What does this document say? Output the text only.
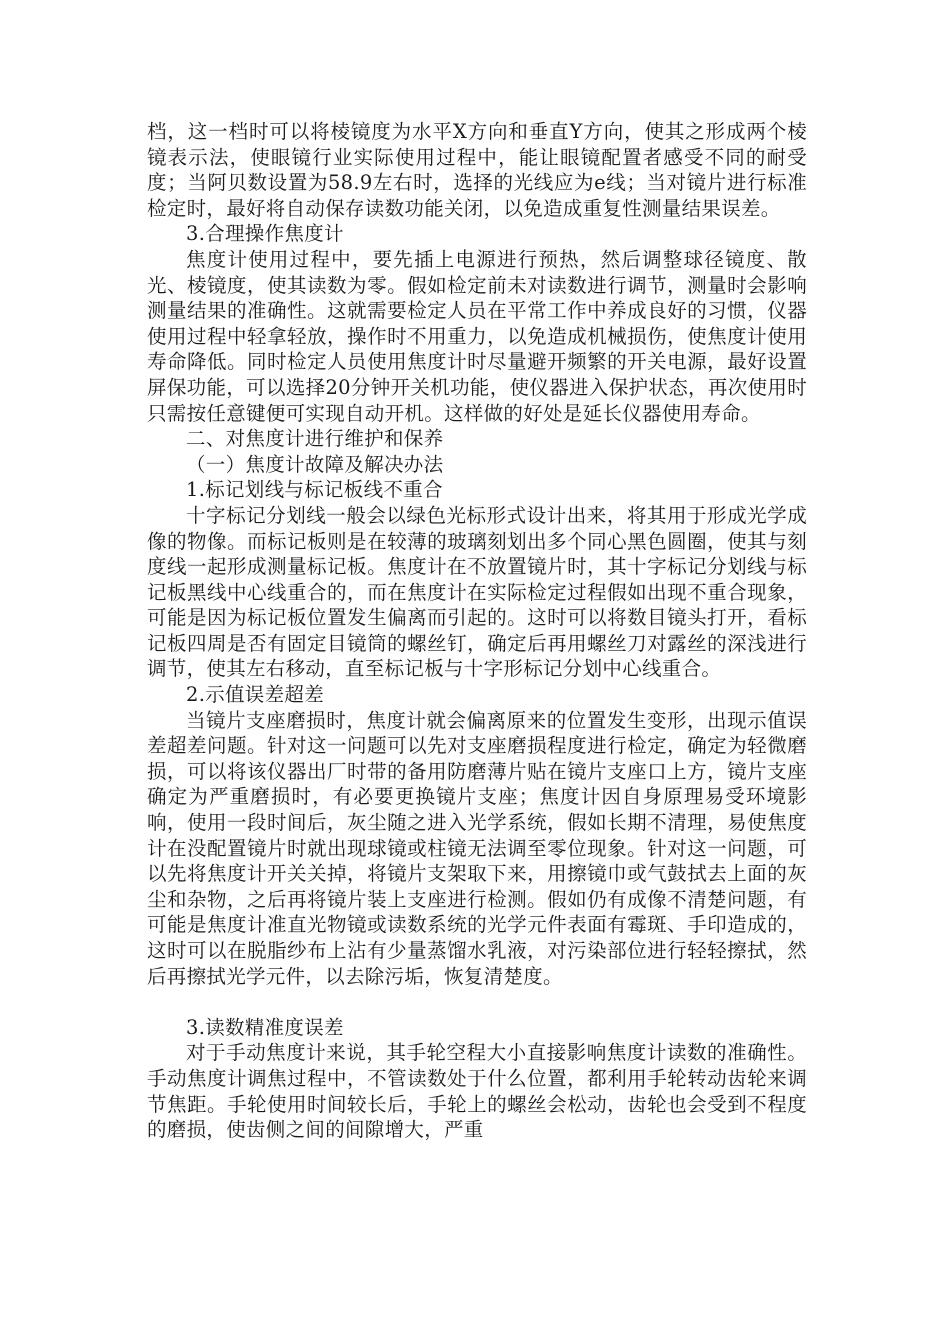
档，这一档时可以将棱镜度为水平X方向和垂直Y方向，使其之形成两个棱镜表示法，使眼镜行业实际使用过程中，能让眼镜配置者感受不同的耐受度；当阿贝数设置为58.9左右时，选择的光线应为e线；当对镜片进行标准检定时，最好将自动保存读数功能关闭，以免造成重复性测量结果误差。

3.合理操作焦度计

焦度计使用过程中，要先插上电源进行预热，然后调整球径镜度、散光、棱镜度，使其读数为零。假如检定前未对读数进行调节，测量时会影响测量结果的准确性。这就需要检定人员在平常工作中养成良好的习惯，仪器使用过程中轻拿轻放，操作时不用重力，以免造成机械损伤，使焦度计使用寿命降低。同时检定人员使用焦度计时尽量避开频繁的开关电源，最好设置屏保功能，可以选择20分钟开关机功能，使仪器进入保护状态，再次使用时只需按任意键便可实现自动开机。这样做的好处是延长仪器使用寿命。

二、对焦度计进行维护和保养
（一）焦度计故障及解决办法
1.标记划线与标记板线不重合

十字标记分划线一般会以绿色光标形式设计出来，将其用于形成光学成像的物像。而标记板则是在较薄的玻璃刻划出多个同心黑色圆圈，使其与刻度线一起形成测量标记板。焦度计在不放置镜片时，其十字标记分划线与标记板黑线中心线重合的，而在焦度计在实际检定过程假如出现不重合现象，可能是因为标记板位置发生偏离而引起的。这时可以将数目镜头打开，看标记板四周是否有固定目镜筒的螺丝钉，确定后再用螺丝刀对露丝的深浅进行调节，使其左右移动，直至标记板与十字形标记分划中心线重合。

2.示值误差超差

当镜片支座磨损时，焦度计就会偏离原来的位置发生变形，出现示值误差超差问题。针对这一问题可以先对支座磨损程度进行检定，确定为轻微磨损，可以将该仪器出厂时带的备用防磨薄片贴在镜片支座口上方，镜片支座确定为严重磨损时，有必要更换镜片支座；焦度计因自身原理易受环境影响，使用一段时间后，灰尘随之进入光学系统，假如长期不清理，易使焦度计在没配置镜片时就出现球镜或柱镜无法调至零位现象。针对这一问题，可以先将焦度计开关关掉，将镜片支架取下来，用擦镜巾或气鼓拭去上面的灰尘和杂物，之后再将镜片装上支座进行检测。假如仍有成像不清楚问题，有可能是焦度计准直光物镜或读数系统的光学元件表面有霉斑、手印造成的，这时可以在脱脂纱布上沾有少量蒸馏水乳液，对污染部位进行轻轻擦拭，然后再擦拭光学元件，以去除污垢，恢复清楚度。

3.读数精准度误差

对于手动焦度计来说，其手轮空程大小直接影响焦度计读数的准确性。手动焦度计调焦过程中，不管读数处于什么位置，都利用手轮转动齿轮来调节焦距。手轮使用时间较长后，手轮上的螺丝会松动，齿轮也会受到不程度的磨损，使齿侧之间的间隙增大，严重
